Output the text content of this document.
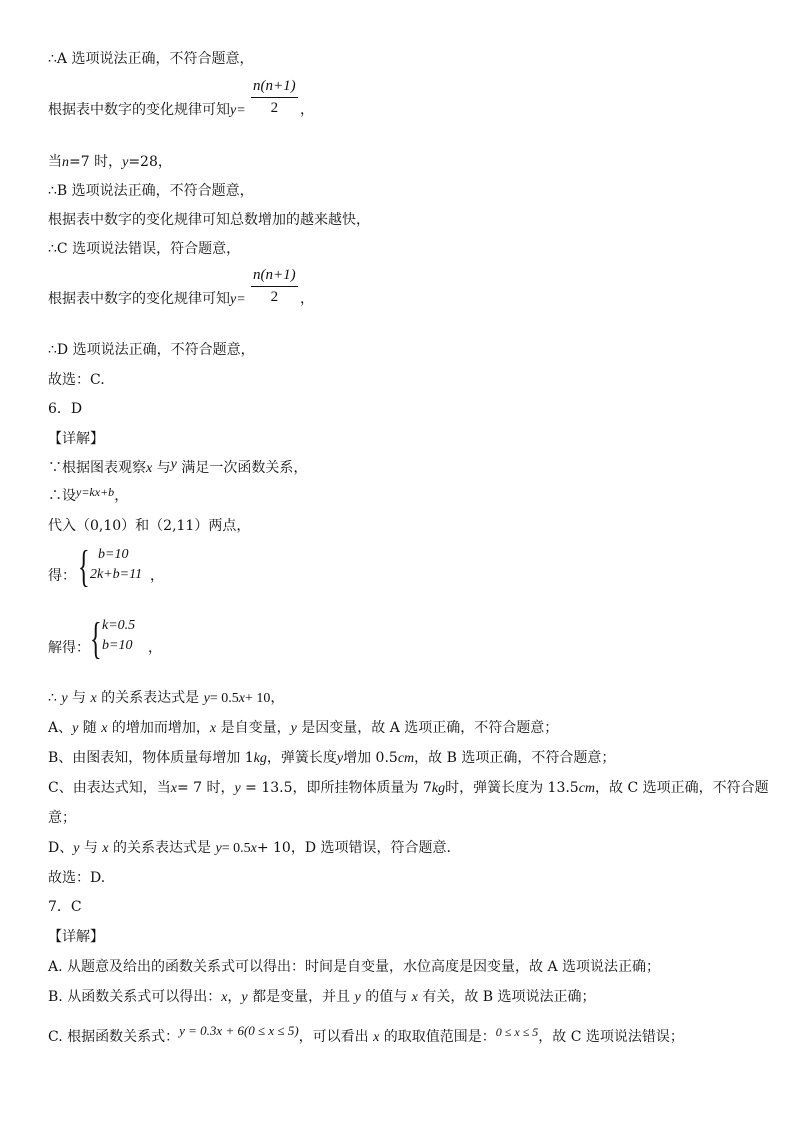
∴A 选项说法正确，不符合题意，
根据表中数字的变化规律可知$y= \frac{n(n+1)}{2}$ ，
当n=7 时，y=28，
∴B 选项说法正确，不符合题意，
根据表中数字的变化规律可知总数增加的越来越快，
∴C 选项说法错误，符合题意，
根据表中数字的变化规律可知$y= \frac{n(n+1)}{2}$ ，
∴D 选项说法正确，不符合题意，
故选：C.
6．D
【详解】
∵根据图表观察x 与y 满足一次函数关系，
∴设y=kx+b，
代入（0,10）和（2,11）两点，
得： { b=10
2k+b=11 ，
解得： { k=0.5
b=10 ，
∴ y 与 x 的关系表达式是 y= 0.5x+ 10，
A、y 随 x 的增加而增加，x 是自变量，y 是因变量，故 A 选项正确，不符合题意；
B、由图表知，物体质量每增加 1kg，弹簧长度y增加 0.5cm，故 B 选项正确，不符合题意；
C、由表达式知，当x= 7 时，y = 13.5，即所挂物体质量为 7kg时，弹簧长度为 13.5cm，故 C 选项正确，不符合题
意；
D、y 与 x 的关系表达式是 y= 0.5x+ 10，D 选项错误，符合题意.
故选：D.
7．C
【详解】
A. 从题意及给出的函数关系式可以得出：时间是自变量，水位高度是因变量，故 A 选项说法正确；
B. 从函数关系式可以得出：x，y 都是变量，并且 y 的值与 x 有关，故 B 选项说法正确；
C. 根据函数关系式：y = 0.3x + 6(0 ≤ x ≤ 5)，可以看出 x 的取取值范围是：0 ≤ x ≤ 5，故 C 选项说法错误；
